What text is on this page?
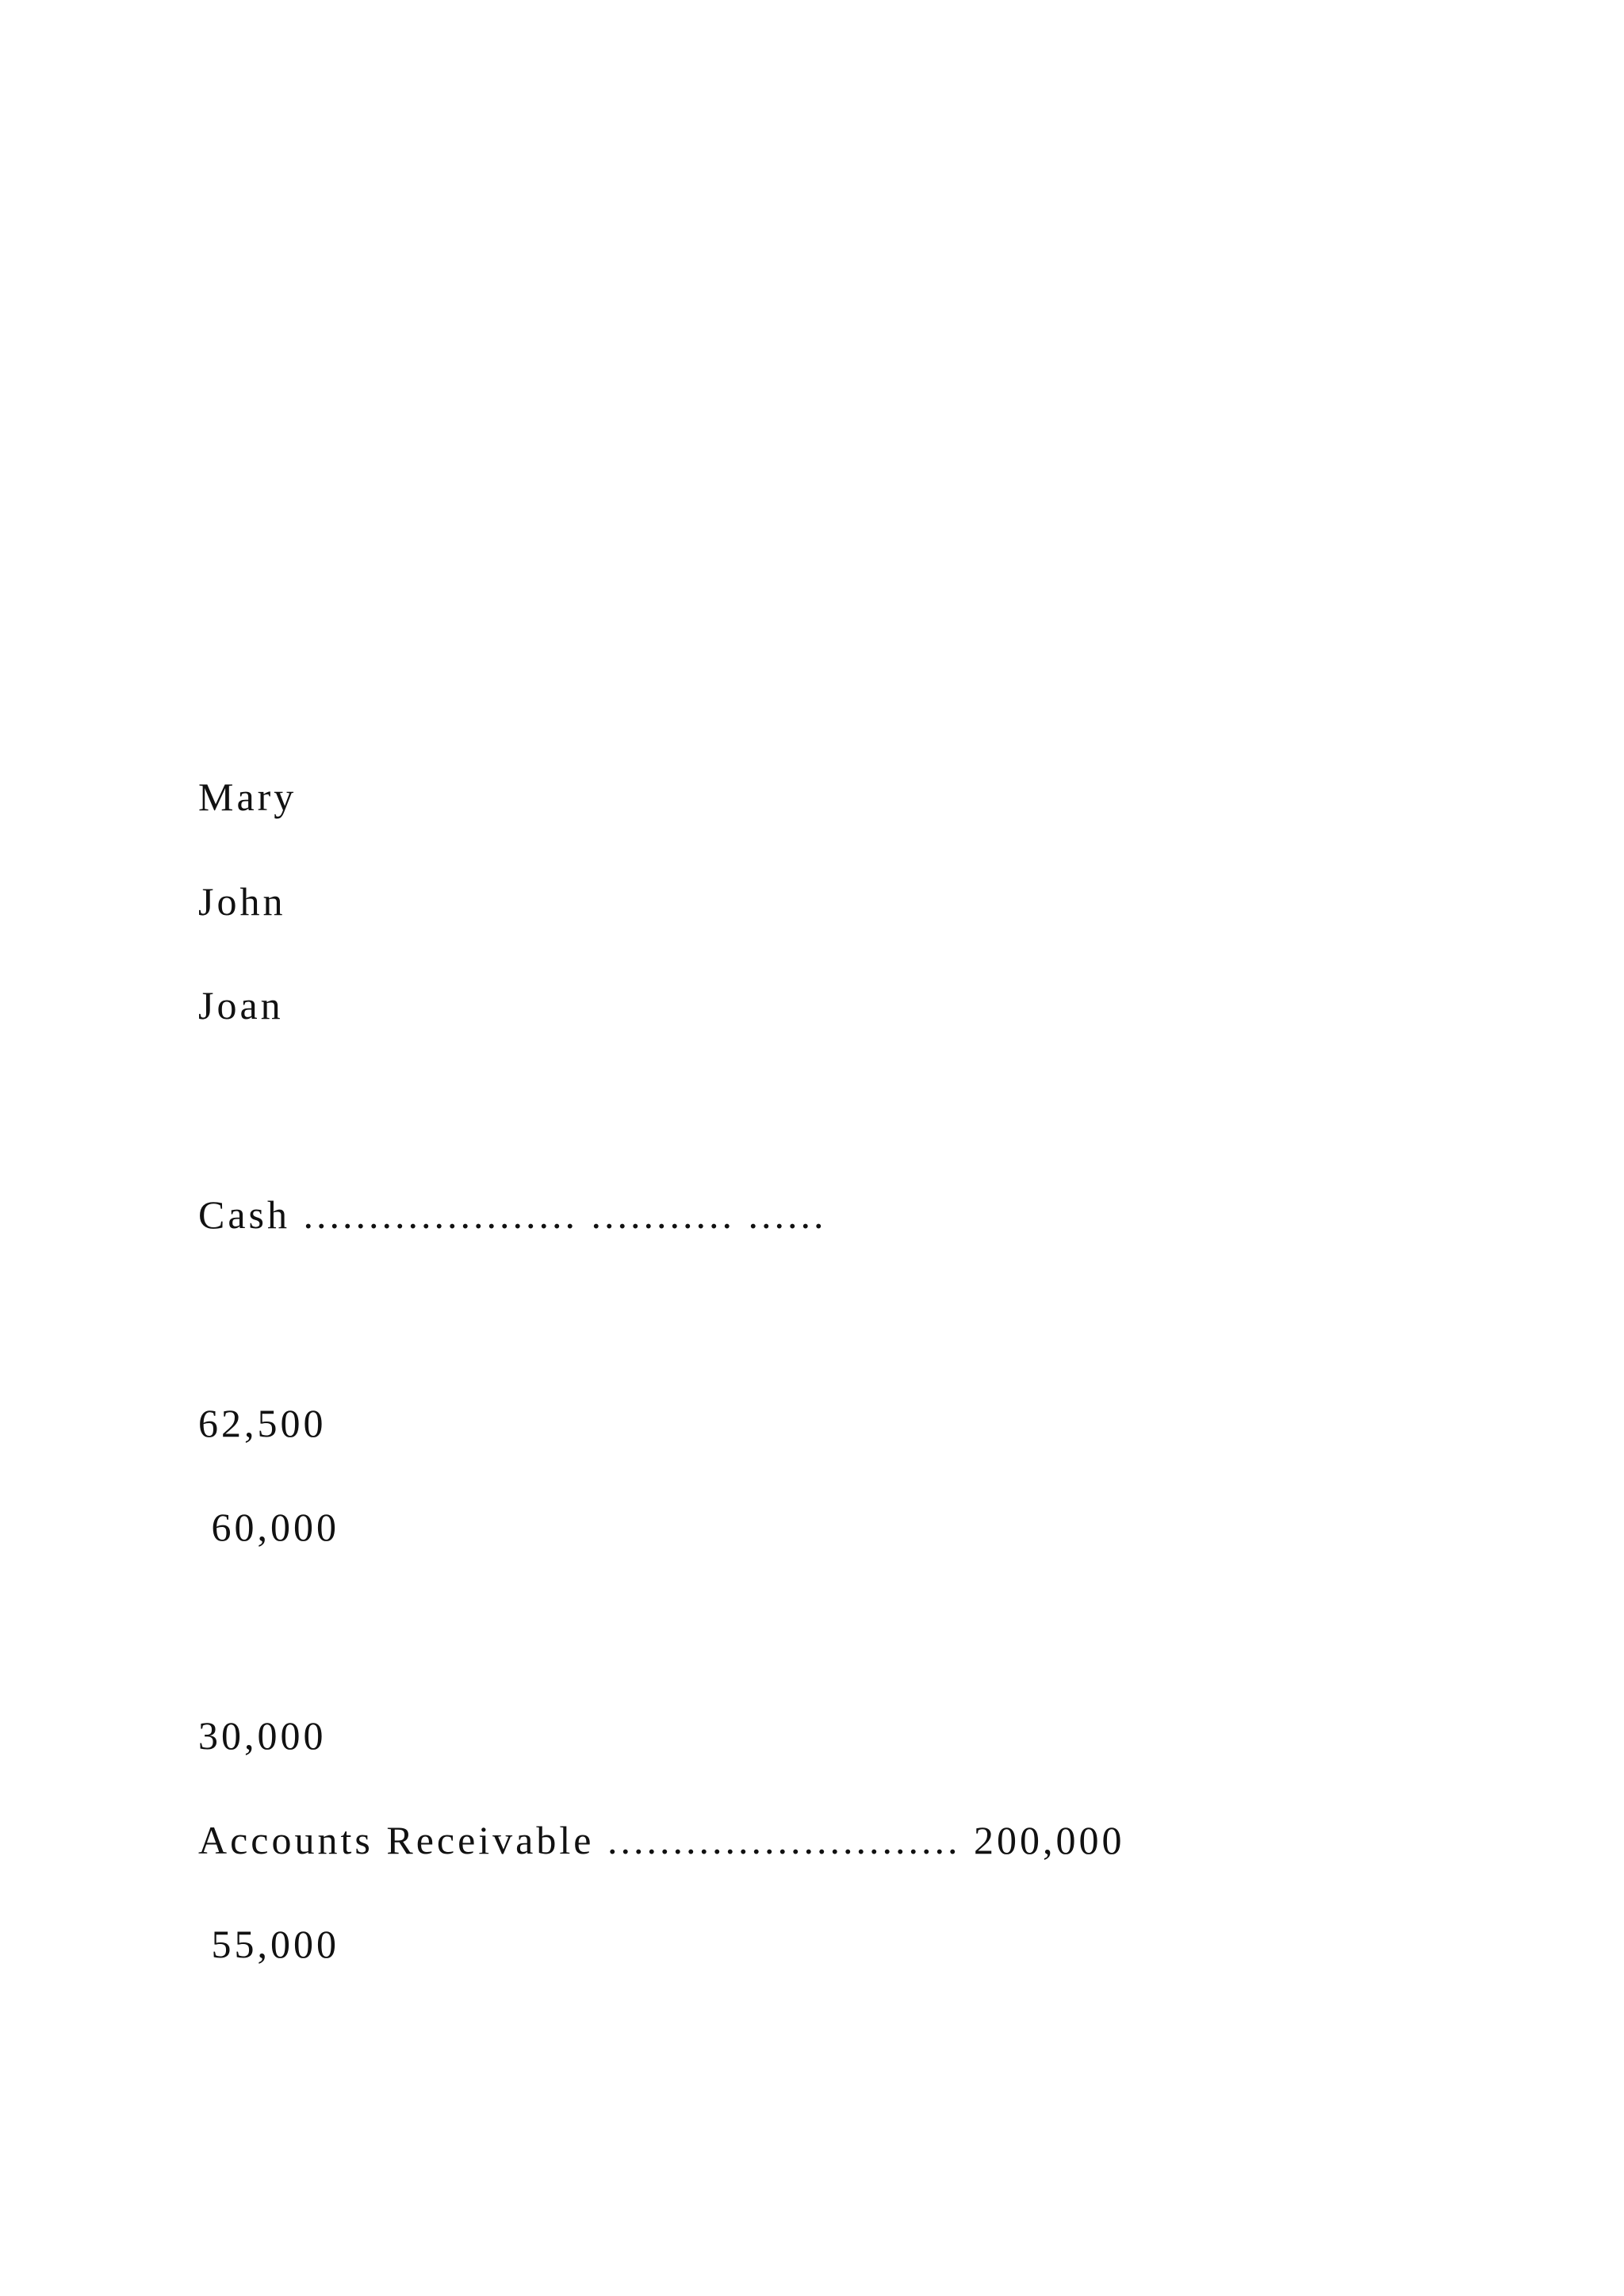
Mary

John

Joan

Cash ..................... ........... ......

62,500

60,000

30,000

Accounts Receivable ........................... 200,000

55,000
